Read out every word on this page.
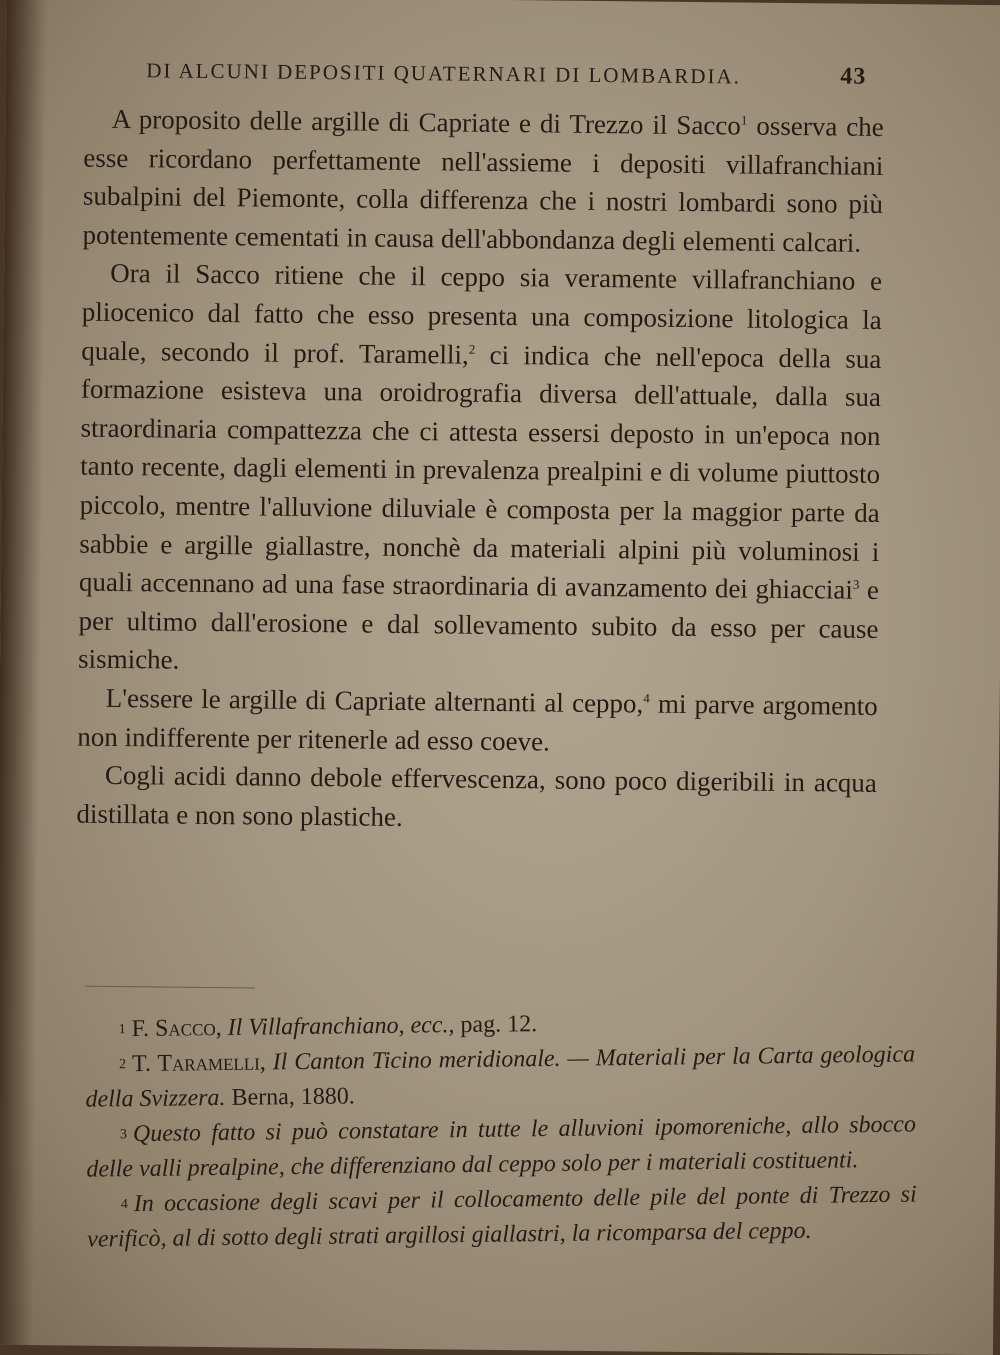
DI ALCUNI DEPOSITI QUATERNARI DI LOMBARDIA.	43

A proposito delle argille di Capriate e di Trezzo il Sacco$^1$ osserva che esse ricordano perfettamente nell'assieme i depositi villafranchiani subalpini del Piemonte, colla differenza che i nostri lombardi sono più potentemente cementati in causa dell'abbondanza degli elementi calcari.

Ora il Sacco ritiene che il ceppo sia veramente villafranchiano e pliocenico dal fatto che esso presenta una composizione litologica la quale, secondo il prof. Taramelli,$^2$ ci indica che nell'epoca della sua formazione esisteva una oroidrografia diversa dell'attuale, dalla sua straordinaria compattezza che ci attesta essersi deposto in un'epoca non tanto recente, dagli elementi in prevalenza prealpini e di volume piuttosto piccolo, mentre l'alluvione diluviale è composta per la maggior parte da sabbie e argille giallastre, nonchè da materiali alpini più voluminosi i quali accennano ad una fase straordinaria di avanzamento dei ghiacciai$^3$ e per ultimo dall'erosione e dal sollevamento subito da esso per cause sismiche.

L'essere le argille di Capriate alternanti al ceppo,$^4$ mi parve argomento non indifferente per ritenerle ad esso coeve.

Cogli acidi danno debole effervescenza, sono poco digeribili in acqua distillata e non sono plastiche.

1 F. Sacco, Il Villafranchiano, ecc., pag. 12.

2 T. Taramelli, Il Canton Ticino meridionale. — Materiali per la Carta geologica della Svizzera. Berna, 1880.

3 Questo fatto si può constatare in tutte le alluvioni ipomoreniche, allo sbocco delle valli prealpine, che differenziano dal ceppo solo per i materiali costituenti.

4 In occasione degli scavi per il collocamento delle pile del ponte di Trezzo si verificò, al di sotto degli strati argillosi giallastri, la ricomparsa del ceppo.
